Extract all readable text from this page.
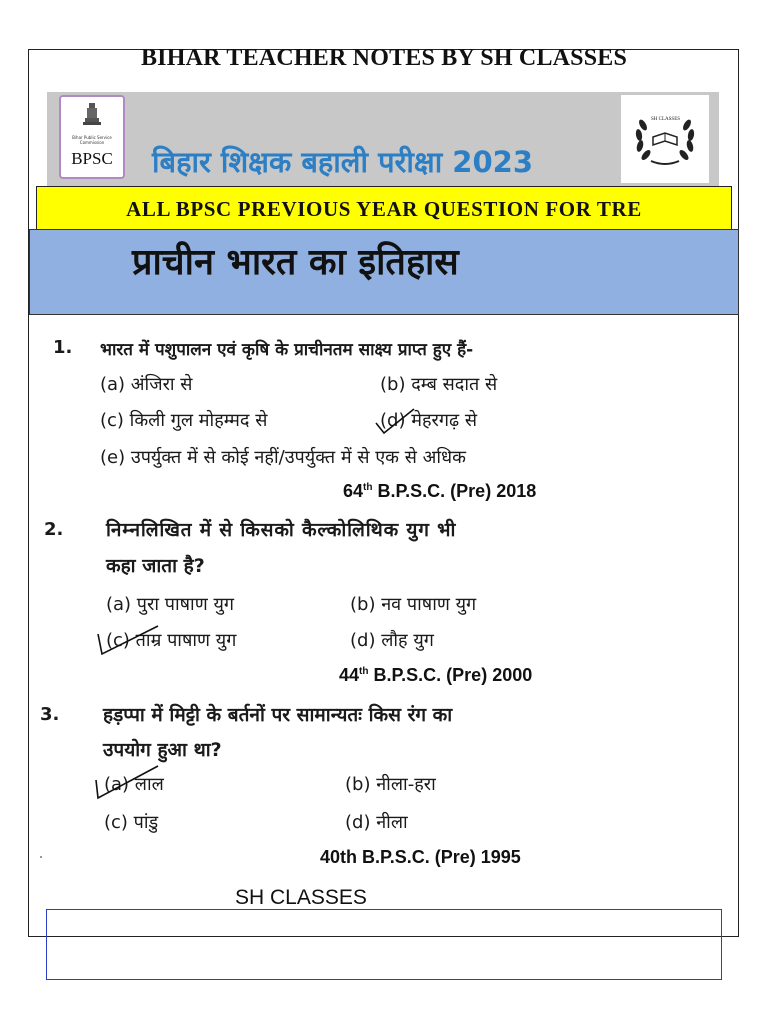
BIHAR TEACHER NOTES BY SH CLASSES
Bihar Public Service Commission
BPSC
SH CLASSES
बिहार शिक्षक बहाली परीक्षा 2023
ALL BPSC PREVIOUS YEAR QUESTION FOR TRE
प्राचीन भारत का इतिहास
1. भारत में पशुपालन एवं कृषि के प्राचीनतम साक्ष्य प्राप्त हुए हैं-
(a) अंजिरा से	(b) दम्ब सदात से
(c) किली गुल मोहम्मद से	(d) मेहरगढ़ से
(e) उपर्युक्त में से कोई नहीं/उपर्युक्त में से एक से अधिक
64th B.P.S.C. (Pre) 2018
2. निम्नलिखित में से किसको कैल्कोलिथिक युग भी
कहा जाता है?
(a) पुरा पाषाण युग	(b) नव पाषाण युग
(c) ताम्र पाषाण युग	(d) लौह युग
44th B.P.S.C. (Pre) 2000
3. हड़प्पा में मिट्टी के बर्तनों पर सामान्यतः किस रंग का
उपयोग हुआ था?
(a) लाल	(b) नीला-हरा
(c) पांडु	(d) नीला
40th B.P.S.C. (Pre) 1995
SH CLASSES
